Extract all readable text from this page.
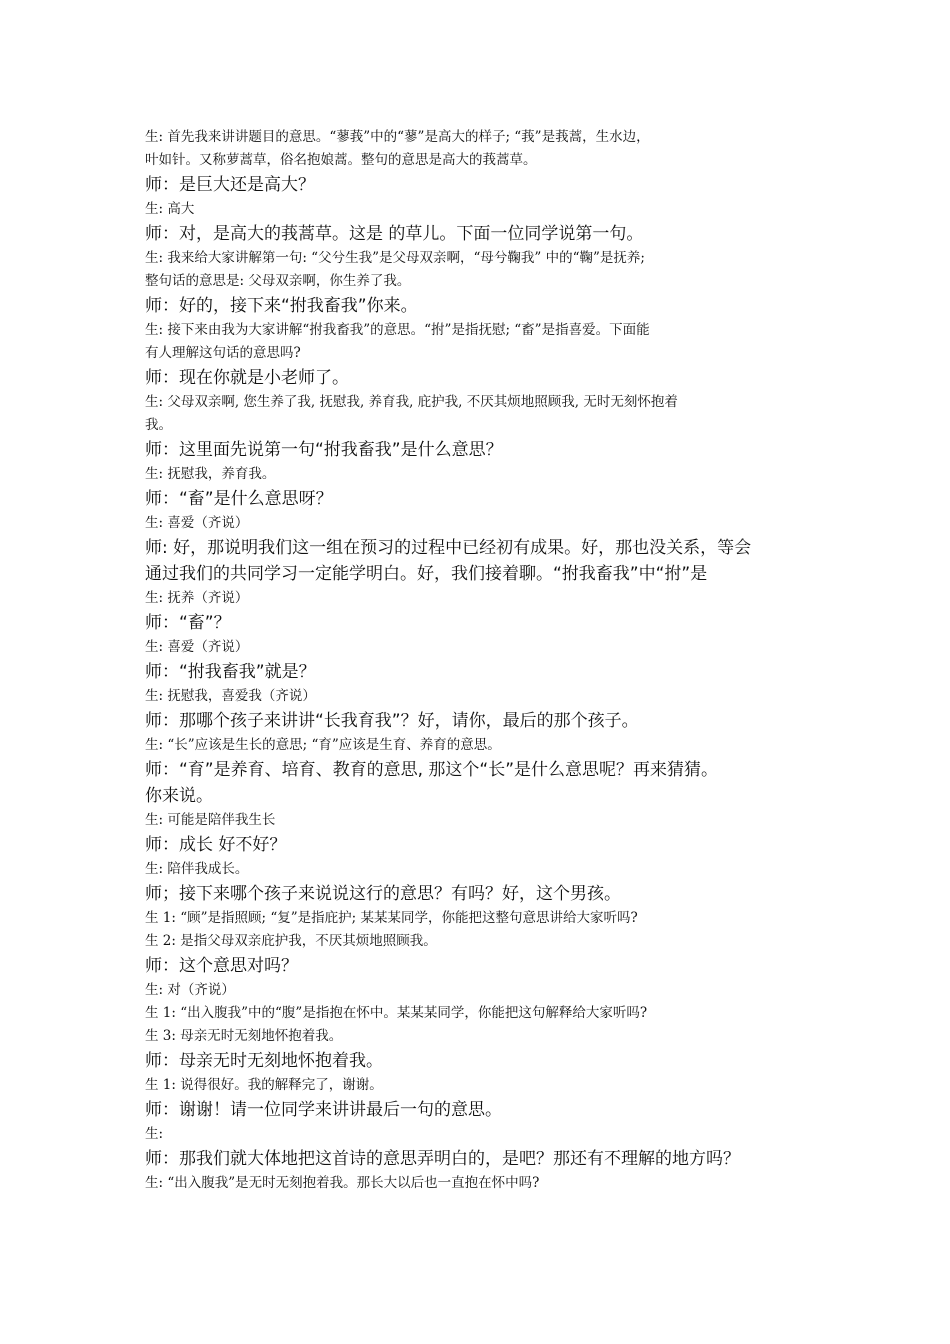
生: 首先我来讲讲题目的意思。“蓼莪”中的“蓼”是高大的样子; “莪”是莪蒿，生水边，
叶如针。又称萝蒿草，俗名抱娘蒿。整句的意思是高大的莪蒿草。
师：是巨大还是高大？
生: 高大
师：对，是高大的莪蒿草。这是 的草儿。下面一位同学说第一句。
生: 我来给大家讲解第一句: “父兮生我”是父母双亲啊，“母兮鞠我” 中的“鞠”是抚养;
整句话的意思是: 父母双亲啊，你生养了我。
师：好的，接下来“拊我畜我”你来。
生: 接下来由我为大家讲解“拊我畜我”的意思。“拊”是指抚慰; “畜”是指喜爱。下面能
有人理解这句话的意思吗?
师：现在你就是小老师了。
生: 父母双亲啊, 您生养了我, 抚慰我, 养育我, 庇护我, 不厌其烦地照顾我, 无时无刻怀抱着
我。
师：这里面先说第一句“拊我畜我”是什么意思？
生: 抚慰我，养育我。
师：“畜”是什么意思呀？
生: 喜爱（齐说）
师: 好，那说明我们这一组在预习的过程中已经初有成果。好，那也没关系，等会
通过我们的共同学习一定能学明白。好，我们接着聊。“拊我畜我”中“拊”是
生: 抚养（齐说）
师：“畜”？
生: 喜爱（齐说）
师：“拊我畜我”就是？
生: 抚慰我，喜爱我（齐说）
师：那哪个孩子来讲讲“长我育我”？好，请你，最后的那个孩子。
生: “长”应该是生长的意思; “育”应该是生育、养育的意思。
师：“育”是养育、培育、教育的意思, 那这个“长”是什么意思呢？再来猜猜。
你来说。
生: 可能是陪伴我生长
师：成长 好不好？
生: 陪伴我成长。
师；接下来哪个孩子来说说这行的意思？有吗？好，这个男孩。
生 1: “顾”是指照顾; “复”是指庇护; 某某某同学，你能把这整句意思讲给大家听吗?
生 2: 是指父母双亲庇护我，不厌其烦地照顾我。
师：这个意思对吗？
生: 对（齐说）
生 1: “出入腹我”中的“腹”是指抱在怀中。某某某同学，你能把这句解释给大家听吗?
生 3: 母亲无时无刻地怀抱着我。
师：母亲无时无刻地怀抱着我。
生 1: 说得很好。我的解释完了，谢谢。
师：谢谢！请一位同学来讲讲最后一句的意思。
生:
师：那我们就大体地把这首诗的意思弄明白的，是吧？那还有不理解的地方吗？
生: “出入腹我”是无时无刻抱着我。那长大以后也一直抱在怀中吗?
